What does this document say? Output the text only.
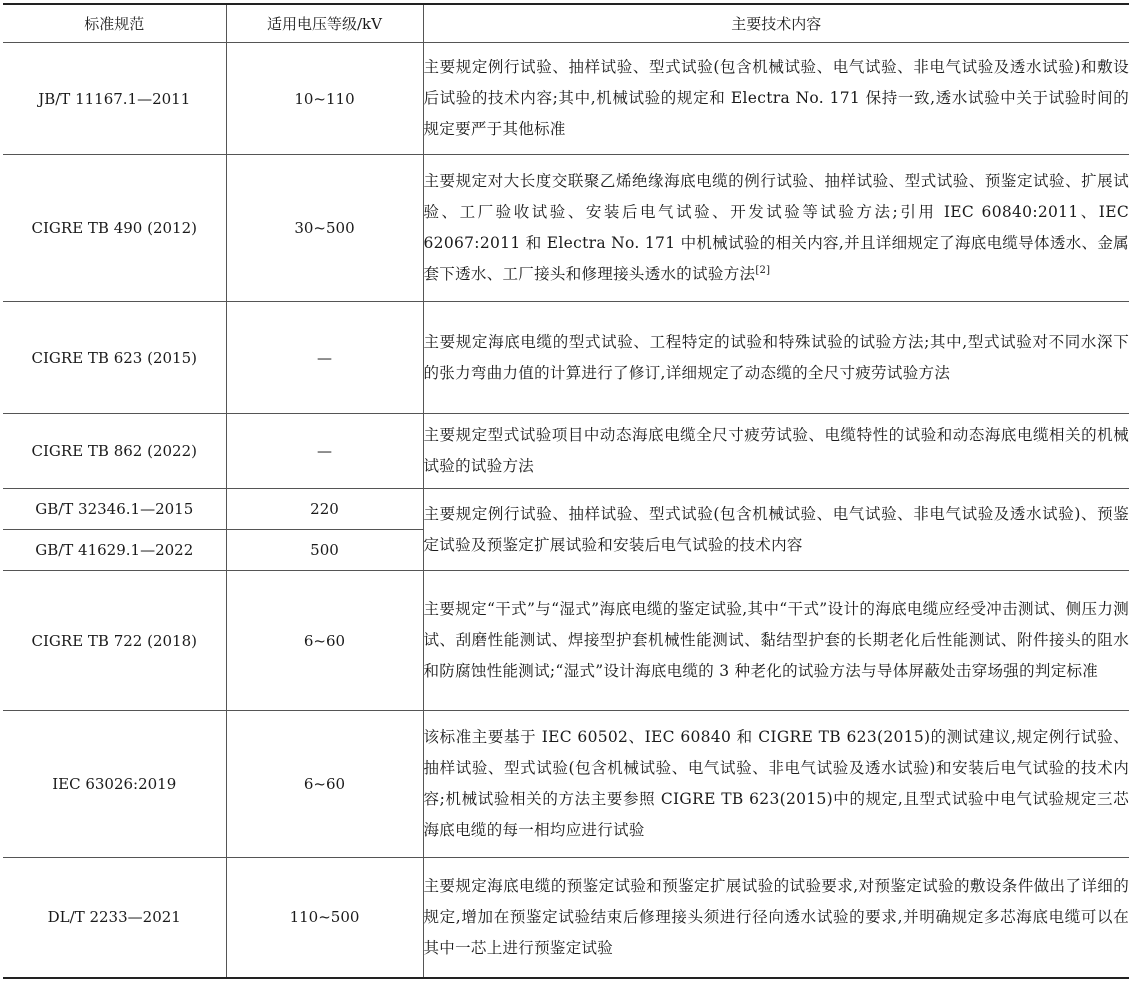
标准规范	适用电压等级/kV	主要技术内容
JB/T 11167.1—2011	10~110	主要规定例行试验、抽样试验、型式试验(包含机械试验、电气试验、非电气试验及透水试验)和敷设后试验的技术内容;其中,机械试验的规定和 Electra No. 171 保持一致,透水试验中关于试验时间的规定要严于其他标准
CIGRE TB 490 (2012)	30~500	主要规定对大长度交联聚乙烯绝缘海底电缆的例行试验、抽样试验、型式试验、预鉴定试验、扩展试验、工厂验收试验、安装后电气试验、开发试验等试验方法;引用 IEC 60840:2011、IEC 62067:2011 和 Electra No. 171 中机械试验的相关内容,并且详细规定了海底电缆导体透水、金属套下透水、工厂接头和修理接头透水的试验方法[2]
CIGRE TB 623 (2015)	—	主要规定海底电缆的型式试验、工程特定的试验和特殊试验的试验方法;其中,型式试验对不同水深下的张力弯曲力值的计算进行了修订,详细规定了动态缆的全尺寸疲劳试验方法
CIGRE TB 862 (2022)	—	主要规定型式试验项目中动态海底电缆全尺寸疲劳试验、电缆特性的试验和动态海底电缆相关的机械试验的试验方法
GB/T 32346.1—2015	220	主要规定例行试验、抽样试验、型式试验(包含机械试验、电气试验、非电气试验及透水试验)、预鉴定试验及预鉴定扩展试验和安装后电气试验的技术内容
GB/T 41629.1—2022	500	
CIGRE TB 722 (2018)	6~60	主要规定“干式”与“湿式”海底电缆的鉴定试验,其中“干式”设计的海底电缆应经受冲击测试、侧压力测试、刮磨性能测试、焊接型护套机械性能测试、黏结型护套的长期老化后性能测试、附件接头的阻水和防腐蚀性能测试;“湿式”设计海底电缆的 3 种老化的试验方法与导体屏蔽处击穿场强的判定标准
IEC 63026:2019	6~60	该标准主要基于 IEC 60502、IEC 60840 和 CIGRE TB 623(2015)的测试建议,规定例行试验、抽样试验、型式试验(包含机械试验、电气试验、非电气试验及透水试验)和安装后电气试验的技术内容;机械试验相关的方法主要参照 CIGRE TB 623(2015)中的规定,且型式试验中电气试验规定三芯海底电缆的每一相均应进行试验
DL/T 2233—2021	110~500	主要规定海底电缆的预鉴定试验和预鉴定扩展试验的试验要求,对预鉴定试验的敷设条件做出了详细的规定,增加在预鉴定试验结束后修理接头须进行径向透水试验的要求,并明确规定多芯海底电缆可以在其中一芯上进行预鉴定试验
